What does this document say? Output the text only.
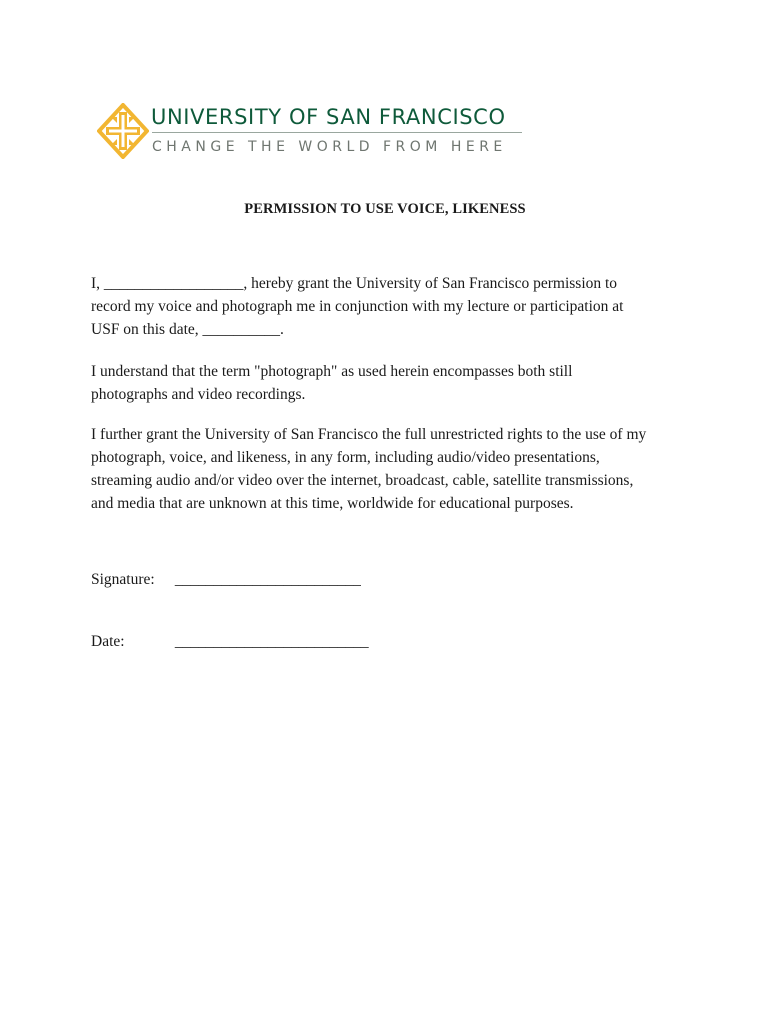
UNIVERSITY OF SAN FRANCISCO
CHANGE THE WORLD FROM HERE
PERMISSION TO USE VOICE, LIKENESS
I, __________________, hereby grant the University of San Francisco permission to
record my voice and photograph me in conjunction with my lecture or participation at
USF on this date, __________.
I understand that the term "photograph" as used herein encompasses both still
photographs and video recordings.
I further grant the University of San Francisco the full unrestricted rights to the use of my
photograph, voice, and likeness, in any form, including audio/video presentations,
streaming audio and/or video over the internet, broadcast, cable, satellite transmissions,
and media that are unknown at this time, worldwide for educational purposes.
Signature: ________________________
Date:	_________________________
